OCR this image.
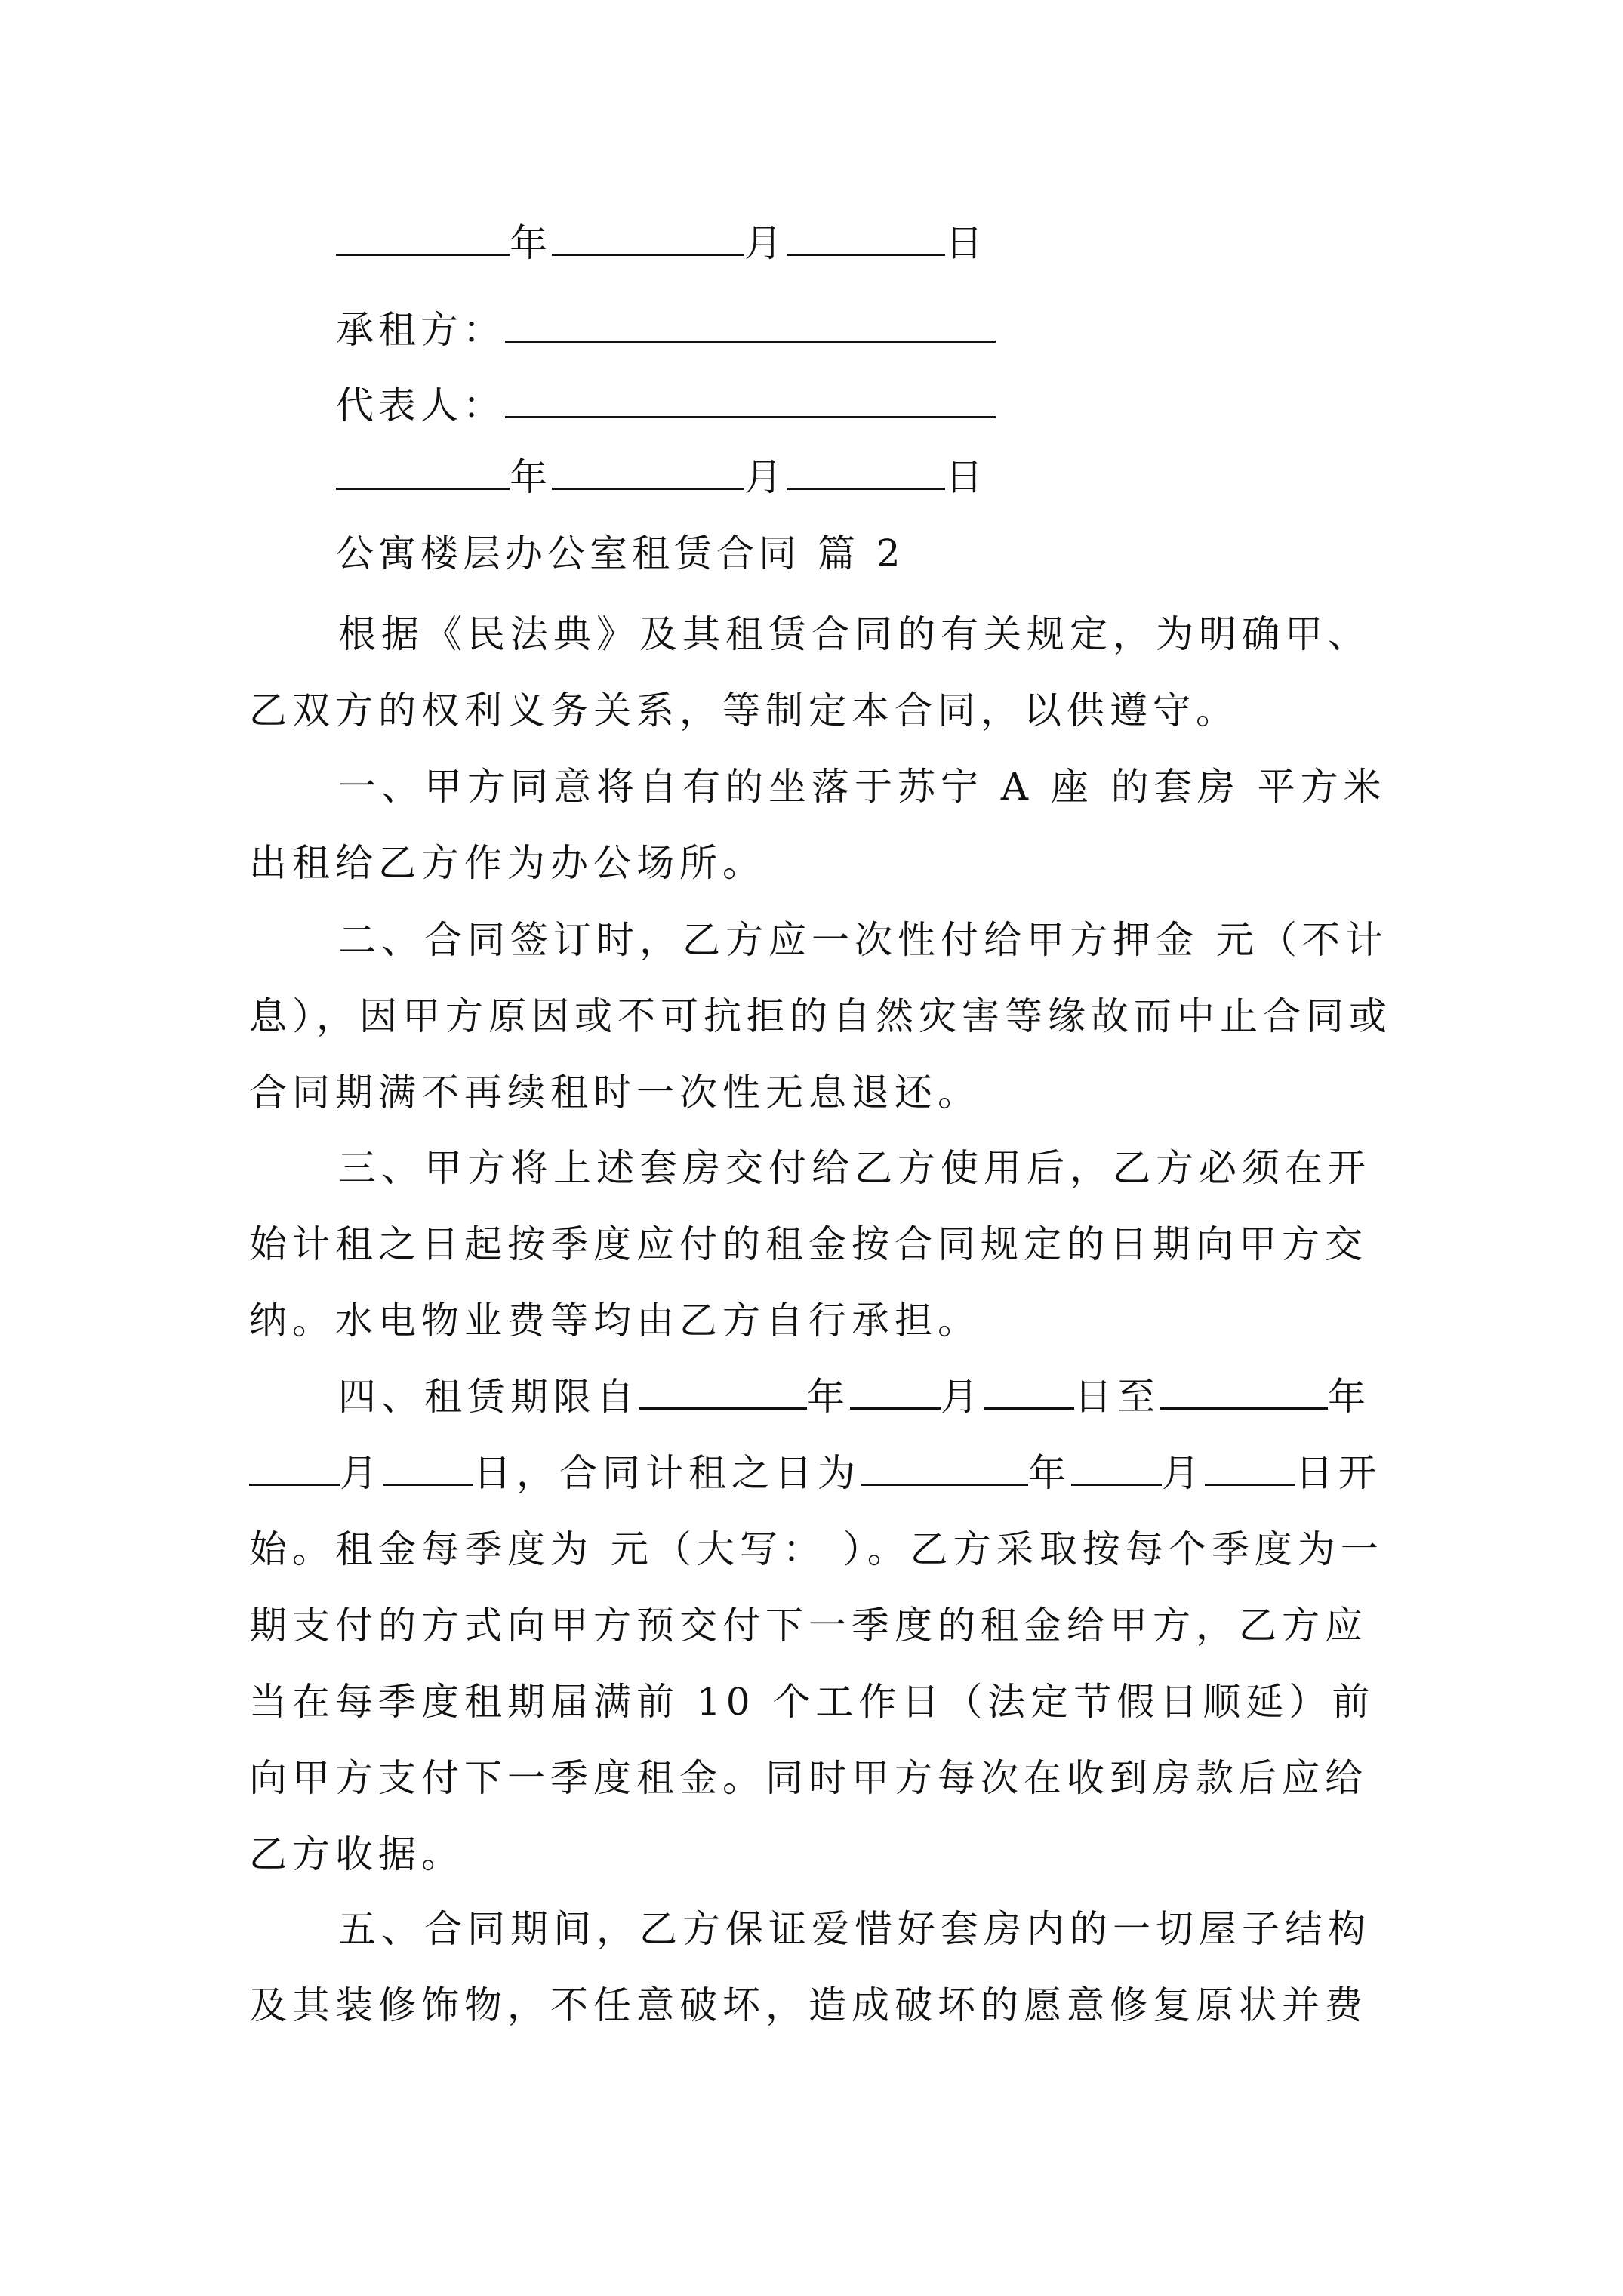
年	月	日
承租方：
代表人：
年	月	日
公寓楼层办公室租赁合同 篇 2
根据《民法典》及其租赁合同的有关规定，为明确甲、乙双方的权利义务关系，等制定本合同，以供遵守。
一、甲方同意将自有的坐落于苏宁 A 座 的套房 平方米出租给乙方作为办公场所。
二、合同签订时，乙方应一次性付给甲方押金 元（不计息），因甲方原因或不可抗拒的自然灾害等缘故而中止合同或合同期满不再续租时一次性无息退还。
三、甲方将上述套房交付给乙方使用后，乙方必须在开始计租之日起按季度应付的租金按合同规定的日期向甲方交纳。水电物业费等均由乙方自行承担。
四、租赁期限自	年 月 日至	年月 日，合同计租之日为	年 月 日开始。租金每季度为 元（大写： ）。乙方采取按每个季度为一期支付的方式向甲方预交付下一季度的租金给甲方，乙方应当在每季度租期届满前 10 个工作日（法定节假日顺延）前向甲方支付下一季度租金。同时甲方每次在收到房款后应给乙方收据。
五、合同期间，乙方保证爱惜好套房内的一切屋子结构及其装修饰物，不任意破坏，造成破坏的愿意修复原状并费
